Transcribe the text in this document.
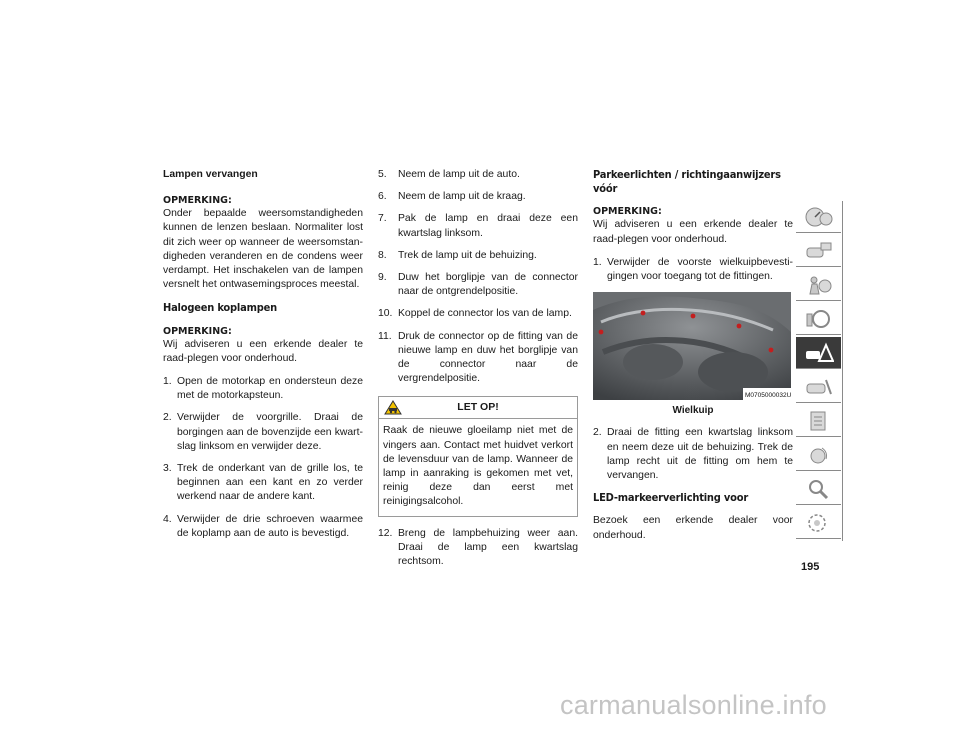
Lampen vervangen
OPMERKING:

Onder bepaalde weersomstandigheden kunnen de lenzen beslaan. Normaliter lost dit zich weer op wanneer de weersomstan-digheden veranderen en de condens weer verdampt. Het inschakelen van de lampen versnelt het ontwasemingsproces meestal.

Halogeen koplampen
OPMERKING:

Wij adviseren u een erkende dealer te raad-plegen voor onderhoud.

1. Open de motorkap en ondersteun deze met de motorkapsteun.
2. Verwijder de voorgrille. Draai de borgingen aan de bovenzijde een kwart-slag linksom en verwijder deze.
3. Trek de onderkant van de grille los, te beginnen aan een kant en zo verder werkend naar de andere kant.
4. Verwijder de drie schroeven waarmee de koplamp aan de auto is bevestigd.
5.	Neem de lamp uit de auto.
6.	Neem de lamp uit de kraag.
7.	Pak de lamp en draai deze een kwartslag linksom.
8.	Trek de lamp uit de behuizing.
9.	Duw het borglipje van de connector naar de ontgrendelpositie.
10. Koppel de connector los van de lamp.
11. Druk de connector op de fitting van de nieuwe lamp en duw het borglipje van de connector naar de vergrendelpositie.
LET OP!
Raak de nieuwe gloeilamp niet met de vingers aan. Contact met huidvet verkort de levensduur van de lamp. Wanneer de lamp in aanraking is gekomen met vet, reinig deze dan eerst met reinigingsalcohol.
12. Breng de lampbehuizing weer aan. Draai de lamp een kwartslag rechtsom.
Parkeerlichten / richtingaanwijzers vóór
OPMERKING:

Wij adviseren u een erkende dealer te raad-plegen voor onderhoud.

1. Verwijder de voorste wielkuipbevesti-gingen voor toegang tot de fittingen.
M0705000032US
Wielkuip
2. Draai de fitting een kwartslag linksom en neem deze uit de behuizing. Trek de lamp recht uit de fitting om hem te vervangen.
LED-markeerverlichting voor

Bezoek een erkende dealer voor onderhoud.

195
carmanualsonline.info
